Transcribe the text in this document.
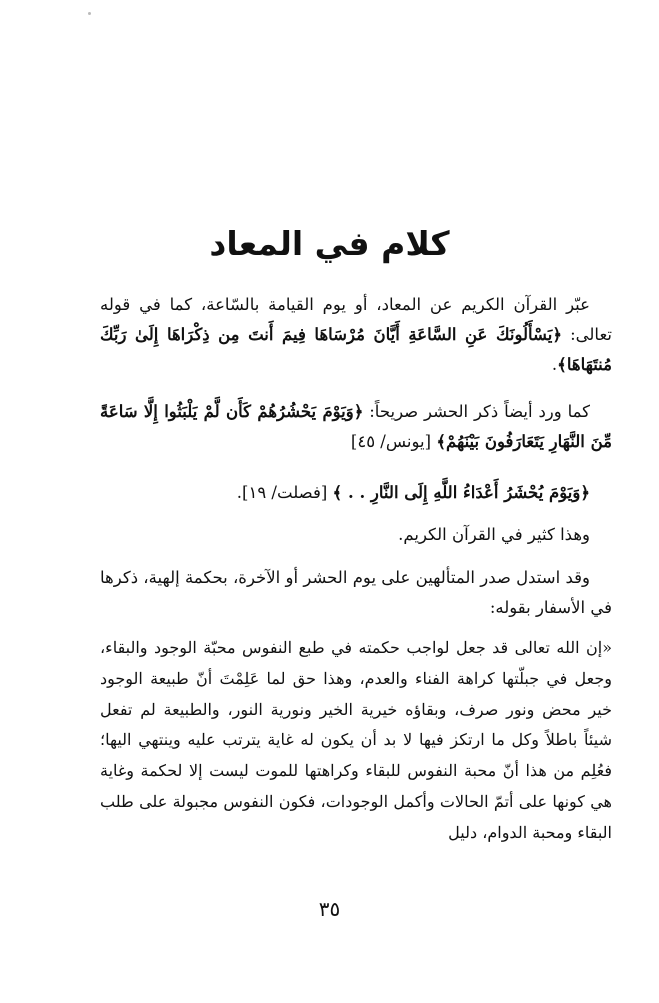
كلام في المعاد

عبّر القرآن الكريم عن المعاد، أو يوم القيامة بالسّاعة، كما في قوله تعالى: ﴿يَسْأَلُونَكَ عَنِ السَّاعَةِ أَيَّانَ مُرْسَاهَا فِيمَ أَنتَ مِن ذِكْرَاهَا إِلَىٰ رَبِّكَ مُنتَهَاهَا﴾.

كما ورد أيضاً ذكر الحشر صريحاً: ﴿وَيَوْمَ يَحْشُرُهُمْ كَأَن لَّمْ يَلْبَثُوا إِلَّا سَاعَةً مِّنَ النَّهَارِ يَتَعَارَفُونَ بَيْنَهُمْ﴾ [يونس/ ٤٥]

﴿وَيَوْمَ يُحْشَرُ أَعْدَاءُ اللَّهِ إِلَى النَّارِ . . ﴾ [فصلت/ ١٩].

وهذا كثير في القرآن الكريم.

وقد استدل صدر المتألهين على يوم الحشر أو الآخرة، بحكمة إلهية، ذكرها في الأسفار بقوله:

«إن الله تعالى قد جعل لواجب حكمته في طبع النفوس محبّة الوجود والبقاء، وجعل في جبلّتها كراهة الفناء والعدم، وهذا حق لما عَلِمْتَ أنّ طبيعة الوجود خير محض ونور صرف، وبقاؤه خيرية الخير ونورية النور، والطبيعة لم تفعل شيئاً باطلاً وكل ما ارتكز فيها لا بد أن يكون له غاية يترتب عليه وينتهي اليها؛ فعُلِم من هذا أنّ محبة النفوس للبقاء وكراهتها للموت ليست إلا لحكمة وغاية هي كونها على أتمّ الحالات وأكمل الوجودات، فكون النفوس مجبولة على طلب البقاء ومحبة الدوام، دليل

٣٥
